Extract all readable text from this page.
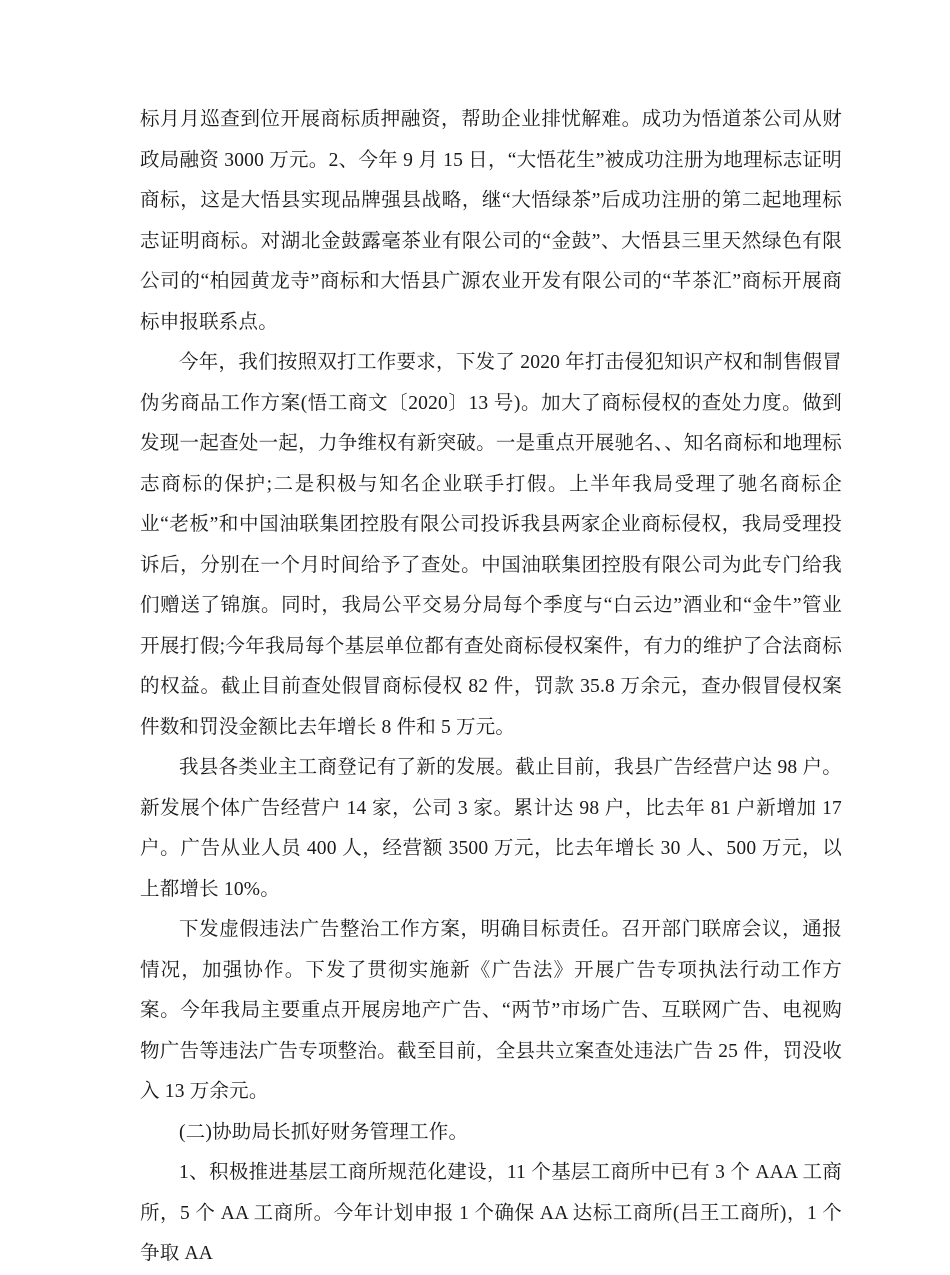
标月月巡查到位开展商标质押融资，帮助企业排忧解难。成功为悟道茶公司从财政局融资 3000 万元。2、今年 9 月 15 日，“大悟花生”被成功注册为地理标志证明商标，这是大悟县实现品牌强县战略，继“大悟绿茶”后成功注册的第二起地理标志证明商标。对湖北金鼓露毫茶业有限公司的“金鼓”、大悟县三里天然绿色有限公司的“柏园黄龙寺”商标和大悟县广源农业开发有限公司的“芊茶汇”商标开展商标申报联系点。

今年，我们按照双打工作要求，下发了 2020 年打击侵犯知识产权和制售假冒伪劣商品工作方案(悟工商文〔2020〕13 号)。加大了商标侵权的查处力度。做到发现一起查处一起，力争维权有新突破。一是重点开展驰名、、知名商标和地理标志商标的保护;二是积极与知名企业联手打假。上半年我局受理了驰名商标企业“老板”和中国油联集团控股有限公司投诉我县两家企业商标侵权，我局受理投诉后，分别在一个月时间给予了查处。中国油联集团控股有限公司为此专门给我们赠送了锦旗。同时，我局公平交易分局每个季度与“白云边”酒业和“金牛”管业开展打假;今年我局每个基层单位都有查处商标侵权案件，有力的维护了合法商标的权益。截止目前查处假冒商标侵权 82 件，罚款 35.8 万余元，查办假冒侵权案件数和罚没金额比去年增长 8 件和 5 万元。

我县各类业主工商登记有了新的发展。截止目前，我县广告经营户达 98 户。新发展个体广告经营户 14 家，公司 3 家。累计达 98 户，比去年 81 户新增加 17 户。广告从业人员 400 人，经营额 3500 万元，比去年增长 30 人、500 万元，以上都增长 10%。

下发虚假违法广告整治工作方案，明确目标责任。召开部门联席会议，通报情况，加强协作。下发了贯彻实施新《广告法》开展广告专项执法行动工作方案。今年我局主要重点开展房地产广告、“两节”市场广告、互联网广告、电视购物广告等违法广告专项整治。截至目前，全县共立案查处违法广告 25 件，罚没收入 13 万余元。

(二)协助局长抓好财务管理工作。

1、积极推进基层工商所规范化建设，11 个基层工商所中已有 3 个 AAA 工商所，5 个 AA 工商所。今年计划申报 1 个确保 AA 达标工商所(吕王工商所)，1 个争取 AA
